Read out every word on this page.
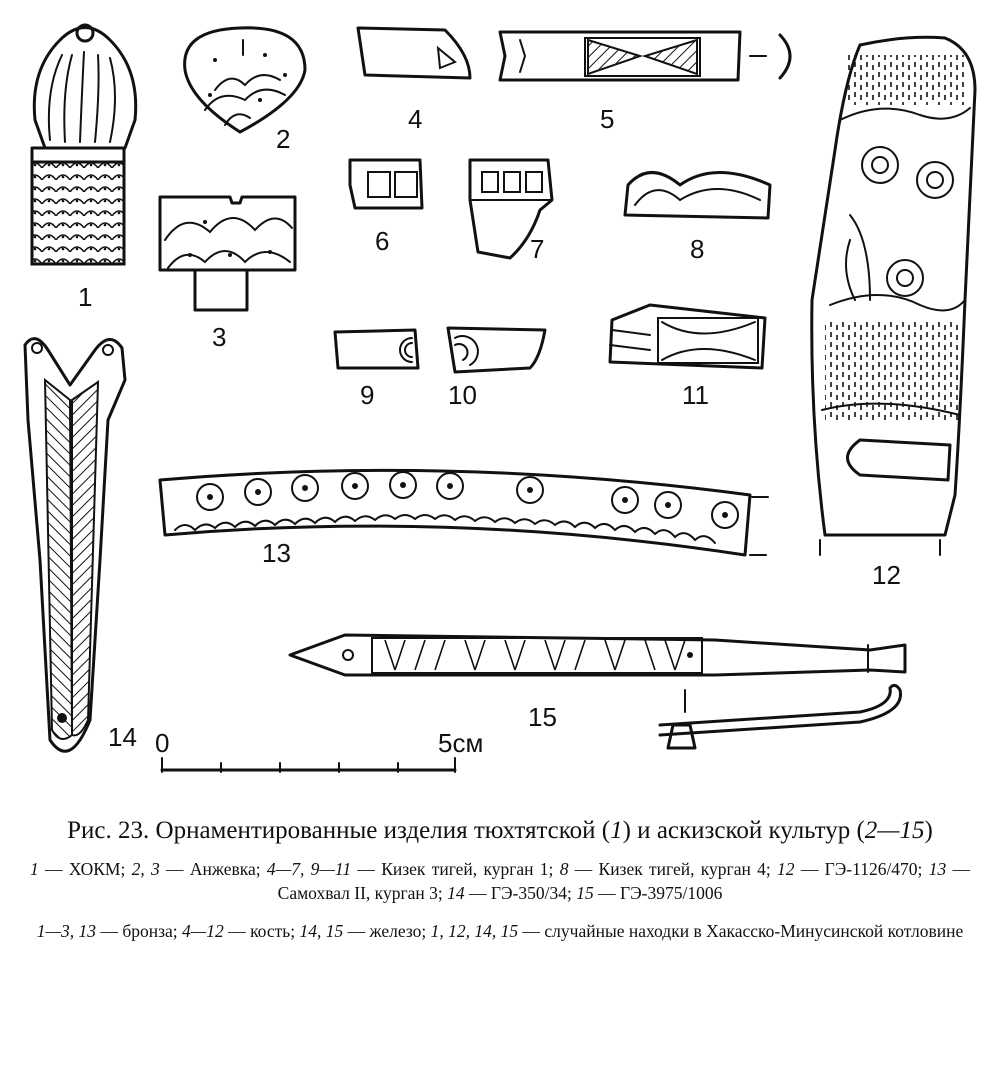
0	5см
1
2
3
4	5
6	7	8
9	10	11
12
13
14
15
Рис. 23. Орнаментированные изделия тюхтятской (1) и аскизской культур (2—15)
1 — ХОКМ; 2, 3 — Анжевка; 4—7, 9—11 — Кизек тигей, курган 1; 8 — Кизек тигей, курган 4; 12 — ГЭ-1126/470; 13 — Самохвал II, курган 3; 14 — ГЭ-350/34; 15 — ГЭ-3975/1006
1—3, 13 — бронза; 4—12 — кость; 14, 15 — железо; 1, 12, 14, 15 — случайные находки в Хакасско-Минусинской котловине
